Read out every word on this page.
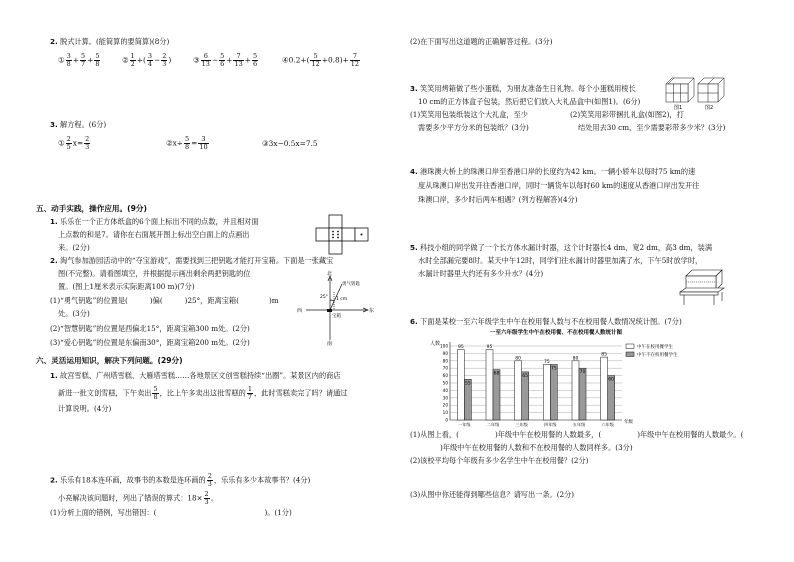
2. 脱式计算。(能简算的要简算)(8分)
① $\frac{3}{8} + \frac{5}{7} + \frac{5}{8}$	② $\frac{1}{2}$ +( $\frac{3}{4} - \frac{2}{3}$ )	③ $\frac{6}{13} - \frac{5}{6} + \frac{7}{13} + \frac{5}{6}$	④0.2+( $\frac{5}{12} +0.8)+ \frac{7}{12}$
3. 解方程。(6分)
① $\frac{2}{5} x= \frac{2}{3}$	②x÷ $\frac{5}{8} = \frac{3}{10}$	③3x−0.5x=7.5
五、动手实践，操作应用。(9分)
1. 乐乐在一个正方体纸盒的6个面上标出不同的点数，并且相对面
上点数的和是7。请你在右面展开图上标出空白面上的点画出
来。(2分)
2. 淘气参加游园活动中的“夺宝游戏”，需要找到三把钥匙才能打开宝箱。下面是一张藏宝
图(不完整)。请看图填空，并根据提示画出剩余两把钥匙的位
置。(图上1厘米表示实际距离100 m)(7分)
(1)“勇气钥匙”的位置是(	)偏(	)25°，距离宝箱(	)m
处。(3分)
(2)“智慧钥匙”的位置是西偏北15°，距离宝箱300 m处。(2分)
(3)“爱心钥匙”的位置是东偏南30°，距离宝箱200 m处。(2分)
北
南
西	东
勇气钥匙
宝箱
1 cm
25°
六、灵活运用知识，解决下列问题。(29分)
1. 故宫雪糕、广州塔雪糕、大雁塔雪糕……各地景区文创雪糕持续“出圈”。某景区内的商店
新进一批文创雪糕，下午卖出 $\frac{5}{8}$ ，比上午多卖出这批雪糕的 $\frac{1}{7}$ ，此时雪糕卖完了吗？请通过
计算说明。(4分)
2. 乐乐有18本连环画，故事书的本数是连环画的 $\frac{2}{3}$ ，乐乐有多少本故事书？(4分)
小亮解决该问题时，列出了错误的算式：$18\times \frac{2}{3}$ 。
(1)分析上面的错例，写出错因：(	)。(1分)
(2)在下面写出这道题的正确解答过程。(3分)
3. 笑笑用烤箱做了些小蛋糕，为朋友准备生日礼物。每个小蛋糕用棱长
10 cm的正方体盒子包装，然后把它们放入大礼品盒中(如图1)。(6分)
(1)笑笑用包装纸装这个大礼盒，至少
需要多少平方分米的包装纸？(3分)
(2)笑笑用彩带捆扎礼盒(如图2)，打
结处用去30 cm，至少需要彩带多少米？(3分)
图1	图2
4. 港珠澳大桥上的珠澳口岸至香港口岸的长度约为42 km。一辆小轿车以每时75 km的速
度从珠澳口岸出发开往香港口岸，同时一辆货车以每时60 km的速度从香港口岸出发开往
珠澳口岸，多少时后两车相遇？(列方程解答)(4分)
5. 科技小组的同学做了一个长方体水漏计时器，这个计时器长4 dm，宽2 dm，高3 dm，装满
水时全部漏完要8时。某天中午12时，同学们往水漏计时器里加满了水，下午5时放学时，
水漏计时器里大约还有多少升水？(4分)
6. 下面是某校一至六年级学生中午在校用餐人数与不在校用餐人数情况统计图。(7分)
一至六年级学生中午在校用餐、不在校用餐人数统计图
人数
年级
0
10
20
30
40
50
60
70
80
90
100 95
55
一年级
95
68
二年级
80
65
三年级
75
75
四年级
80
70
五年级
85
60
六年级
中午在校用餐学生
中午不在校用餐学生
(1)从图上看，(	)年级中午在校用餐的人数最多，(	)年级中午在校用餐的人数最少。(
)年级中午在校用餐的人数和不在校用餐的人数同样多。(3分)
(2)该校平均每个年级有多少名学生中午在校用餐？(2分)
(3)从图中你还能得到哪些信息？请写出一条。(2分)
